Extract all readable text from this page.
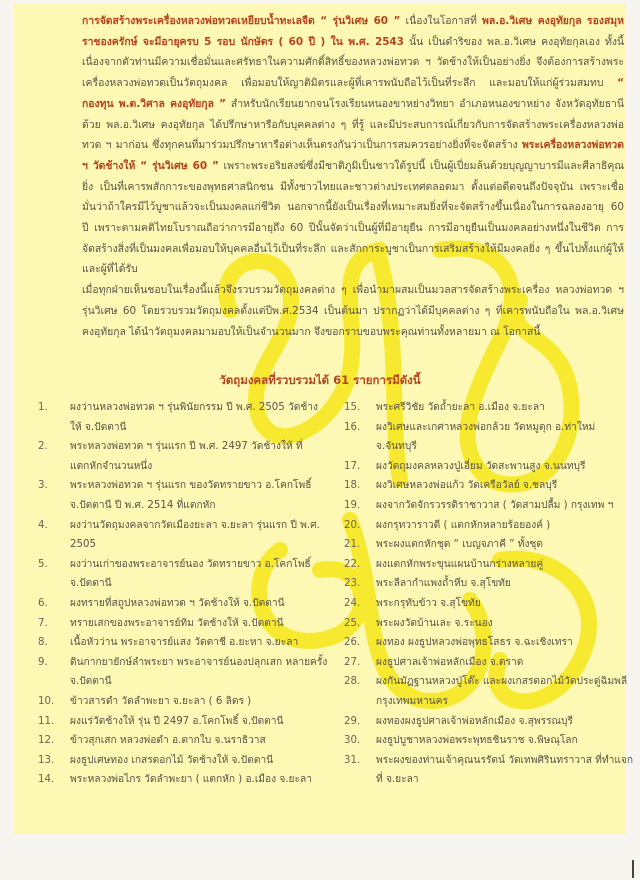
การจัดสร้างพระเครื่องหลวงพ่อทวดเหยียบน้ำทะเลจืด “ รุ่นวิเศษ 60 ” เนื่องในโอกาสที่ พล.อ.วิเศษ คงอุทัยกุล รองสมุหราชองครักษ์ จะมีอายุครบ 5 รอบ นักษัตร ( 60 ปี ) ใน พ.ศ. 2543 นั้น เป็นดำริของ พล.อ.วิเศษ คงอุทัยกุลเอง ทั้งนี้เนื่องจากตัวท่านมีความเชื่อมั่นและศรัทธาในความศักดิ์สิทธิ์ของหลวงพ่อทวด ฯ วัดช้างให้เป็นอย่างยิ่ง จึงต้องการสร้างพระเครื่องหลวงพ่อทวดเป็นวัตถุมงคล เพื่อมอบให้ญาติมิตรและผู้ที่เคารพนับถือไว้เป็นที่ระลึก และมอบให้แก่ผู้ร่วมสมทบ “ กองทุน พ.ต.วิศาล คงอุทัยกุล ” สำหรับนักเรียนยากจนโรงเรียนหนองขาหย่างวิทยา อำเภอหนองขาหย่าง จังหวัดอุทัยธานี ด้วย พล.อ.วิเศษ คงอุทัยกุล ได้ปรึกษาหารือกับบุคคลต่าง ๆ ที่รู้ และมีประสบการณ์เกี่ยวกับการจัดสร้างพระเครื่องหลวงพ่อทวด ฯ มาก่อน ซึ่งทุกคนที่มาร่วมปรึกษาหารือต่างเห็นตรงกันว่าเป็นการสมควรอย่างยิ่งที่จะจัดสร้าง พระเครื่องหลวงพ่อทวด ฯ วัดช้างให้ “ รุ่นวิเศษ 60 ” เพราะพระอริยสงฆ์ซึ่งมีชาติภูมิเป็นชาวใต้รูปนี้ เป็นผู้เปี่ยมล้นด้วยบุญญาบารมีและศีลาธิคุณยิ่ง เป็นที่เคารพสักการะของพุทธศาสนิกชน มีทั้งชาวไทยและชาวต่างประเทศตลอดมา ตั้งแต่อดีตจนถึงปัจจุบัน เพราะเชื่อมั่นว่าถ้าใครมีไว้บูชาแล้วจะเป็นมงคลแก่ชีวิต นอกจากนี้ยังเป็นเรื่องที่เหมาะสมยิ่งที่จะจัดสร้างขึ้นเนื่องในการฉลองอายุ 60 ปี เพราะตามคติไทยโบราณถือว่าการมีอายุถึง 60 ปีนั้นจัดว่าเป็นผู้ที่มีอายุยืน การมีอายุยืนเป็นมงคลอย่างหนึ่งในชีวิต การจัดสร้างสิ่งที่เป็นมงคลเพื่อมอบให้บุคคลอื่นไว้เป็นที่ระลึก และสักการะบูชาเป็นการเสริมสร้างให้มีมงคลยิ่ง ๆ ขึ้นไปทั้งแก่ผู้ให้และผู้ที่ได้รับ

เมื่อทุกฝ่ายเห็นชอบในเรื่องนี้แล้วจึงรวบรวมวัตถุมงคลต่าง ๆ เพื่อนำมาผสมเป็นมวลสารจัดสร้างพระเครื่อง หลวงพ่อทวด ฯ รุ่นวิเศษ 60 โดยรวบรวมวัตถุมงคลตั้งแต่ปีพ.ศ.2534 เป็นต้นมา ปรากฏว่าได้มีบุคคลต่าง ๆ ที่เคารพนับถือใน พล.อ.วิเศษ คงอุทัยกุล ได้นำวัตถุมงคลมามอบให้เป็นจำนวนมาก จึงขอกราบขอบพระคุณท่านทั้งหลายมา ณ โอกาสนี้

วัตถุมงคลที่รวบรวมได้ 61 รายการมีดังนี้
1.	ผงว่านหลวงพ่อทวด ฯ รุ่นพินัยกรรม ปี พ.ศ. 2505 วัดช้างให้ จ.ปัตตานี
2.	พระหลวงพ่อทวด ฯ รุ่นแรก ปี พ.ศ. 2497 วัดช้างให้ ที่แตกหักจำนวนหนึ่ง
3.	พระหลวงพ่อทวด ฯ รุ่นแรก ของวัดทรายขาว อ.โคกโพธิ์ จ.ปัตตานี ปี พ.ศ. 2514 ที่แตกหัก
4.	ผงว่านวัตถุมงคลจากวัดเมืองยะลา จ.ยะลา รุ่นแรก ปี พ.ศ. 2505
5.	ผงว่านเก่าของพระอาจารย์นอง วัดทรายขาว อ.โคกโพธิ์ จ.ปัตตานี
6.	ผงทรายที่สถูปหลวงพ่อทวด ฯ วัดช้างให้ จ.ปัตตานี
7.	ทรายเสกของพระอาจารย์ทิม วัดช้างให้ จ.ปัตตานี
8.	เนื้อหัวว่าน พระอาจารย์แสง วัดตาชี อ.ยะหา จ.ยะลา
9.	ดินกากยายักษ์ลำพระยา พระอาจารย์นองปลุกเสก หลายครั้ง จ.ปัตตานี
10.	ข้าวสารดำ วัดลำพะยา จ.ยะลา ( 6 ลิตร )
11.	ผงแร่วัดช้างให้ รุ่น ปี 2497 อ.โคกโพธิ์ จ.ปัตตานี
12.	ข้าวสุกเสก หลวงพ่อดำ อ.ตากใบ จ.นราธิวาส
13.	ผงธูปเศษทอง เกสรดอกไม้ วัดช้างให้ จ.ปัตตานี
14.	พระหลวงพ่อไกร วัดลำพะยา ( แตกหัก ) อ.เมือง จ.ยะลา
15.	พระศรีวิชัย วัดถ้ำยะลา อ.เมือง จ.ยะลา
16.	ผงวิเศษและเกศาหลวงพ่อกล้วย วัดหมูดุก อ.ท่าใหม่ จ.จันทบุรี
17.	ผงวัตถุมงคลหลวงปู่เอี่ยม วัดสะพานสูง จ.นนทบุรี
18.	ผงวิเศษหลวงพ่อแก้ว วัดเครือวัลย์ จ.ชลบุรี
19.	ผงจากวัดจักรวรรดิราชาวาส ( วัดสามปลื้ม ) กรุงเทพ ฯ
20.	ผงกรุทวาราวดี ( แตกหักหลายร้อยองค์ )
21.	พระผงแตกหักชุด “ เบญจภาคี ” ทั้งชุด
22.	ผงแตกหักพระขุนแผนบ้านกร่างหลายคู่
23.	พระลีลากำแพงถ้ำหีบ จ.สุโขทัย
24.	พระกรุทับข้าว จ.สุโขทัย
25.	พระผงวัดบ้านเละ จ.ระนอง
26.	ผงทอง ผงธูปหลวงพ่อพุทธโสธร จ.ฉะเชิงเทรา
27.	ผงธูปศาลเจ้าพ่อหลักเมือง จ.ตราด
28.	ผงกันมัฏฐานหลวงปู่โต๊ะ และผงเกสรดอกไม้วัดประดู่ฉิมพลี กรุงเทพมหานคร
29.	ผงทองผงธูปศาลเจ้าพ่อหลักเมือง จ.สุพรรณบุรี
30.	ผงธูปบูชาหลวงพ่อพระพุทธชินราช จ.พิษณุโลก
31.	พระผงของท่านเจ้าคุณนรรัตน์ วัดเทพศิรินทราวาส ที่ทำแจก ที่ จ.ยะลา
